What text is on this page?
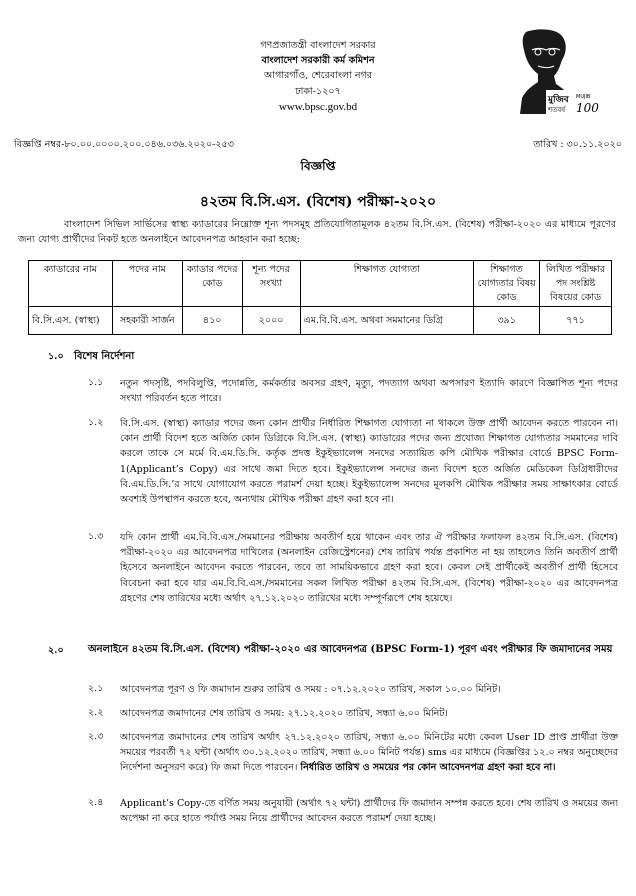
গণপ্রজাতন্ত্রী বাংলাদেশ সরকার
বাংলাদেশ সরকারী কর্ম কমিশন
আগারগাঁও, শেরেবাংলা নগর
ঢাকা-১২০৭
www.bpsc.gov.bd
মুজিব
শতবর্ষ
MUJIB
100
বিজ্ঞপ্তি নম্বর-৮০.০০.০০০০.২০০.০৪৬.০৩৬.২০২০-২৫৩	তারিখ : ৩০.১১.২০২০
বিজ্ঞপ্তি
৪২তম বি.সি.এস. (বিশেষ) পরীক্ষা-২০২০
বাংলাদেশ সিভিল সার্ভিসের স্বাস্থ্য ক্যাডারের নিম্নোক্ত শূন্য পদসমূহ প্রতিযোগিতামূলক ৪২তম বি.সি.এস. (বিশেষ) পরীক্ষা-২০২০ এর মাধ্যমে পূরণের জন্য যোগ্য প্রার্থীদের নিকট হতে অনলাইনে আবেদনপত্র আহবান করা হচ্ছে:
ক্যাডারের নাম	পদের নাম	ক্যাডার পদের কোড	শূন্য পদের সংখ্যা	শিক্ষাগত যোগ্যতা	শিক্ষাগত যোগ্যতার বিষয় কোড	লিখিত পরীক্ষার পদ সংশ্লিষ্ট বিষয়ের কোড
বি.সি.এস. (স্বাস্থ্য)	সহকারী সার্জন	৪১০	২০০০	এম.বি.বি.এস. অথবা সমমানের ডিগ্রি	৩৯১	৭৭১
১.০ বিশেষ নির্দেশনা
১.১ নতুন পদসৃষ্টি, পদবিলুপ্তি, পদোন্নতি, কর্মকর্তার অবসর গ্রহণ, মৃত্যু, পদত্যাগ অথবা অপসারণ ইত্যাদি কারণে বিজ্ঞাপিত শূন্য পদের সংখ্যা পরিবর্তন হতে পারে।
১.২ বি.সি.এস. (স্বাস্থ্য) ক্যাডার পদের জন্য কোন প্রার্থীর নির্ধারিত শিক্ষাগত যোগ্যতা না থাকলে উক্ত প্রার্থী আবেদন করতে পারবেন না। কোন প্রার্থী বিদেশ হতে অর্জিত কোন ডিগ্রিকে বি.সি.এস. (স্বাস্থ্য) ক্যাডারের পদের জন্য প্রযোজ্য শিক্ষাগত যোগ্যতার সমমানের দাবি করলে তাকে সে মর্মে বি.এম.ডি.সি. কর্তৃক প্রদত্ত ইকুইভ্যালেন্স সনদের সত্যায়িত কপি মৌখিক পরীক্ষার বোর্ডে BPSC Form-1(Applicant’s Copy) এর সাথে জমা দিতে হবে। ইকুইভ্যালেন্স সনদের জন্য বিদেশ হতে অর্জিত মেডিকেল ডিগ্রিধারীদের বি.এম.ডি.সি.’র সাথে যোগাযোগ করতে পরামর্শ দেয়া হচ্ছে। ইকুইভ্যালেন্স সনদের মূলকপি মৌখিক পরীক্ষার সময় সাক্ষাৎকার বোর্ডে অবশ্যই উপস্থাপন করতে হবে, অন্যথায় মৌখিক পরীক্ষা গ্রহণ করা হবে না।
১.৩ যদি কোন প্রার্থী এম.বি.বি.এস./সমমানের পরীক্ষায় অবতীর্ণ হয়ে থাকেন এবং তার ঐ পরীক্ষার ফলাফল ৪২তম বি.সি.এস. (বিশেষ) পরীক্ষা-২০২০ এর আবেদনপত্র দাখিলের (অনলাইন রেজিস্ট্রেশনের) শেষ তারিখ পর্যন্ত প্রকাশিত না হয় তাহলেও তিনি অবতীর্ণ প্রার্থী হিসেবে অনলাইনে আবেদন করতে পারবেন, তবে তা সাময়িকভাবে গ্রহণ করা হবে। কেবল সেই প্রার্থীকেই অবতীর্ণ প্রার্থী হিসেবে বিবেচনা করা হবে যার এম.বি.বি.এস./সমমানের সকল লিখিত পরীক্ষা ৪২তম বি.সি.এস. (বিশেষ) পরীক্ষা-২০২০ এর আবেদনপত্র গ্রহণের শেষ তারিখের মধ্যে অর্থাৎ ২৭.১২.২০২০ তারিখের মধ্যে সম্পূর্ণরূপে শেষ হয়েছে।
২.০ অনলাইনে ৪২তম বি.সি.এস. (বিশেষ) পরীক্ষা-২০২০ এর আবেদনপত্র (BPSC Form-1) পূরণ এবং পরীক্ষার ফি জমাদানের সময়
২.১ আবেদনপত্র পূরণ ও ফি জমাদান শুরুর তারিখ ও সময় : ০৭.১২.২০২০ তারিখ, সকাল ১০.০০ মিনিট।
২.২ আবেদনপত্র জমাদানের শেষ তারিখ ও সময়: ২৭.১২.২০২০ তারিখ, সন্ধ্যা ৬.০০ মিনিট।
২.৩ আবেদনপত্র জমাদানের শেষ তারিখ অর্থাৎ ২৭.১২.২০২০ তারিখ, সন্ধ্যা ৬.০০ মিনিটের মধ্যে কেবল User ID প্রাপ্ত প্রার্থীরা উক্ত সময়ের পরবর্তী ৭২ ঘন্টা (অর্থাৎ ৩০.১২.২০২০ তারিখ, সন্ধ্যা ৬.০০ মিনিট পর্যন্ত) sms এর মাধ্যমে (বিজ্ঞপ্তির ১২.০ নম্বর অনুচ্ছেদের নির্দেশনা অনুসরণ করে) ফি জমা দিতে পারবেন। নির্ধারিত তারিখ ও সময়ের পর কোন আবেদনপত্র গ্রহণ করা হবে না।
২.৪ Applicant’s Copy-তে বর্ণিত সময় অনুযায়ী (অর্থাৎ ৭২ ঘন্টা) প্রার্থীদের ফি জমাদান সম্পন্ন করতে হবে। শেষ তারিখ ও সময়ের জন্য অপেক্ষা না করে হাতে পর্যাপ্ত সময় নিয়ে প্রার্থীদের আবেদন করতে পরামর্শ দেয়া হচ্ছে।
